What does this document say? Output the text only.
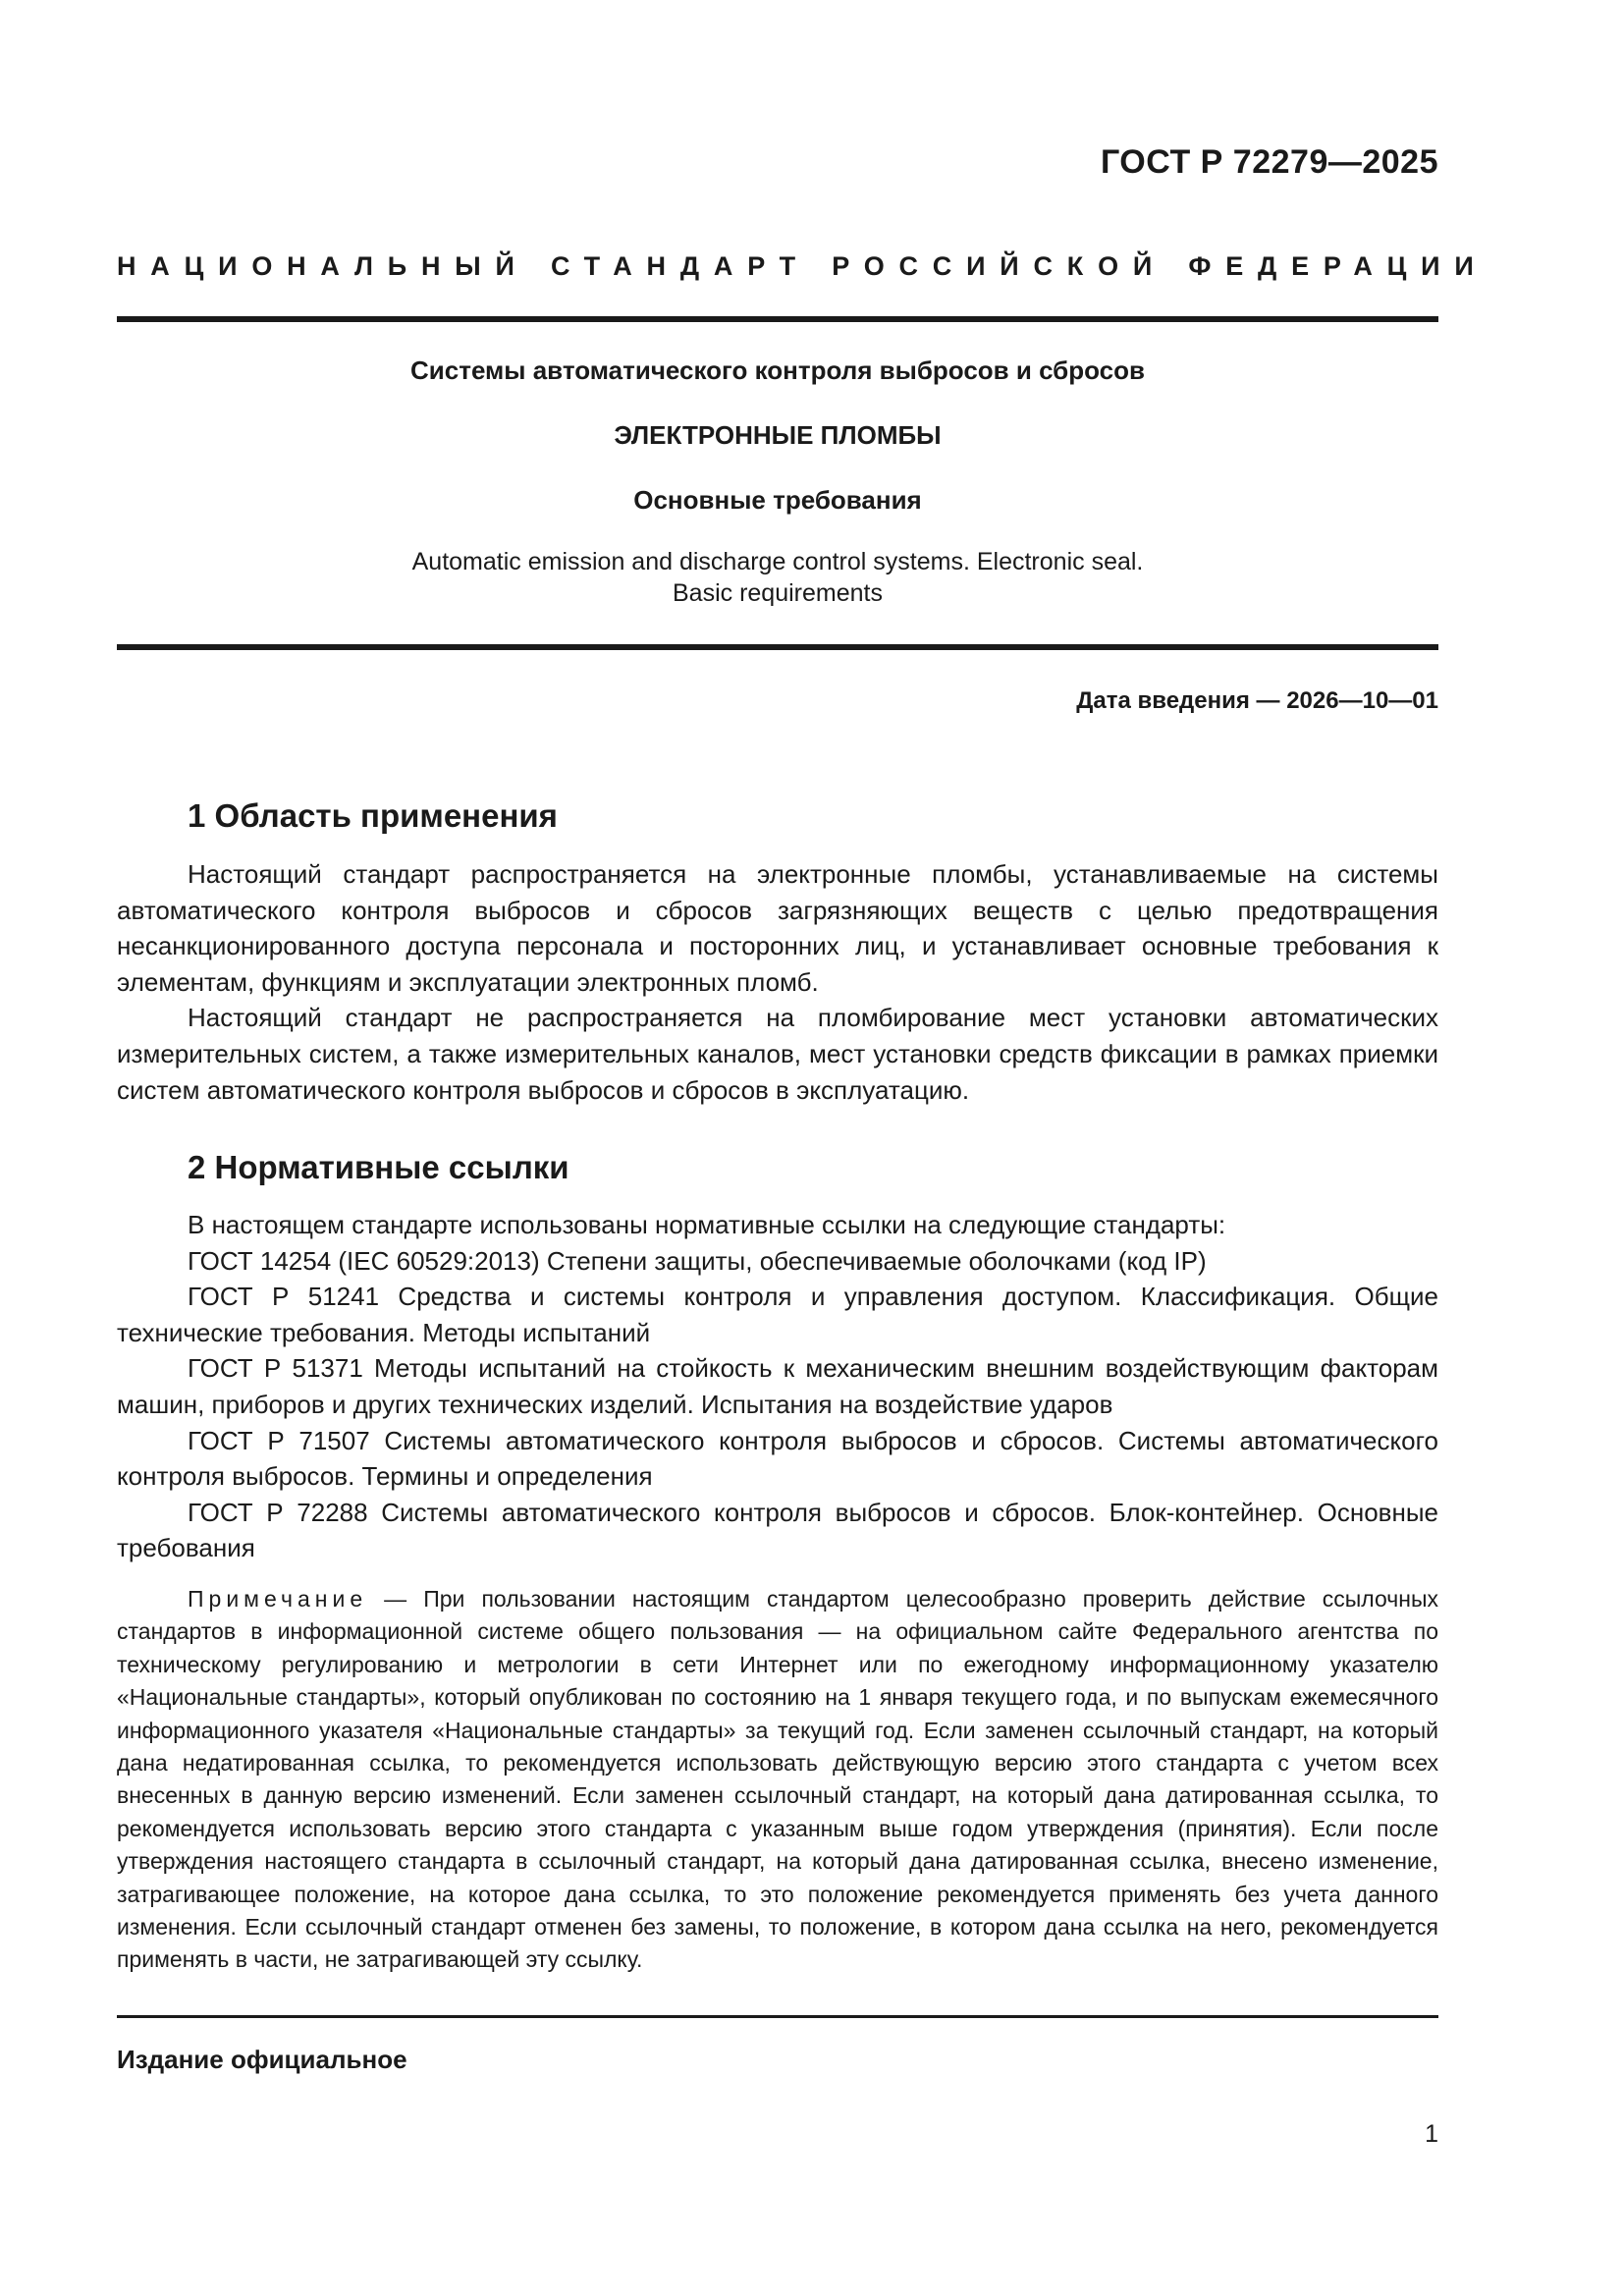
ГОСТ Р 72279—2025
НАЦИОНАЛЬНЫЙ СТАНДАРТ РОССИЙСКОЙ ФЕДЕРАЦИИ
Системы автоматического контроля выбросов и сбросов
ЭЛЕКТРОННЫЕ ПЛОМБЫ
Основные требования
Automatic emission and discharge control systems. Electronic seal.
Basic requirements
Дата введения — 2026—10—01
1 Область применения

Настоящий стандарт распространяется на электронные пломбы, устанавливаемые на системы автоматического контроля выбросов и сбросов загрязняющих веществ с целью предотвращения несанкционированного доступа персонала и посторонних лиц, и устанавливает основные требования к элементам, функциям и эксплуатации электронных пломб.

Настоящий стандарт не распространяется на пломбирование мест установки автоматических измерительных систем, а также измерительных каналов, мест установки средств фиксации в рамках приемки систем автоматического контроля выбросов и сбросов в эксплуатацию.

2 Нормативные ссылки

В настоящем стандарте использованы нормативные ссылки на следующие стандарты:

ГОСТ 14254 (IEC 60529:2013) Степени защиты, обеспечиваемые оболочками (код IP)

ГОСТ Р 51241 Средства и системы контроля и управления доступом. Классификация. Общие технические требования. Методы испытаний

ГОСТ Р 51371 Методы испытаний на стойкость к механическим внешним воздействующим факторам машин, приборов и других технических изделий. Испытания на воздействие ударов

ГОСТ Р 71507 Системы автоматического контроля выбросов и сбросов. Системы автоматического контроля выбросов. Термины и определения

ГОСТ Р 72288 Системы автоматического контроля выбросов и сбросов. Блок-контейнер. Основные требования

Примечание — При пользовании настоящим стандартом целесообразно проверить действие ссылочных стандартов в информационной системе общего пользования — на официальном сайте Федерального агентства по техническому регулированию и метрологии в сети Интернет или по ежегодному информационному указателю «Национальные стандарты», который опубликован по состоянию на 1 января текущего года, и по выпускам ежемесячного информационного указателя «Национальные стандарты» за текущий год. Если заменен ссылочный стандарт, на который дана недатированная ссылка, то рекомендуется использовать действующую версию этого стандарта с учетом всех внесенных в данную версию изменений. Если заменен ссылочный стандарт, на который дана датированная ссылка, то рекомендуется использовать версию этого стандарта с указанным выше годом утверждения (принятия). Если после утверждения настоящего стандарта в ссылочный стандарт, на который дана датированная ссылка, внесено изменение, затрагивающее положение, на которое дана ссылка, то это положение рекомендуется применять без учета данного изменения. Если ссылочный стандарт отменен без замены, то положение, в котором дана ссылка на него, рекомендуется применять в части, не затрагивающей эту ссылку.

Издание официальное
1
